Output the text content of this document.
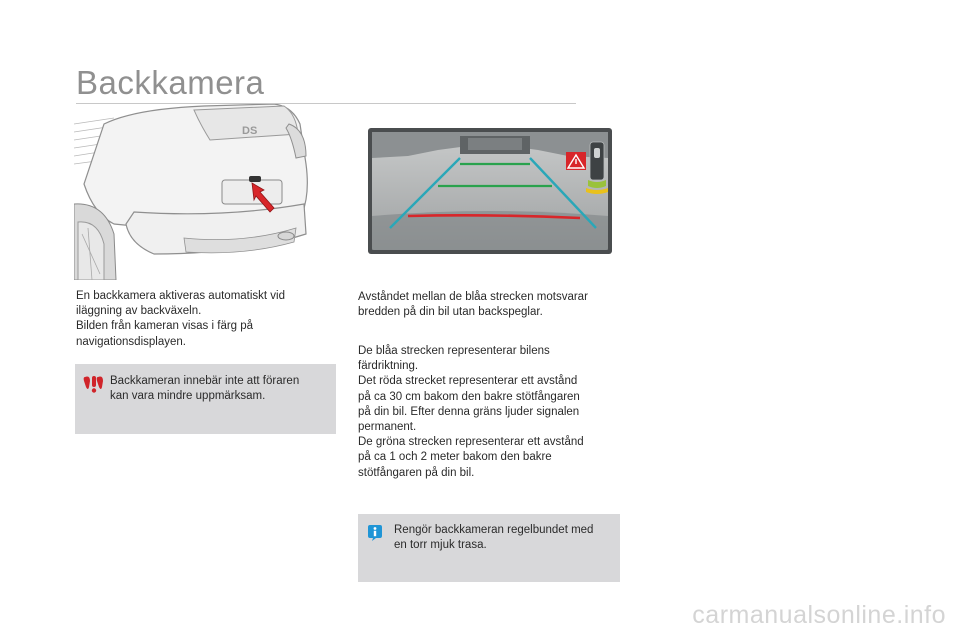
Backkamera
DS
En backkamera aktiveras automatiskt vid
iläggning av backväxeln.
Bilden från kameran visas i färg på
navigationsdisplayen.
Backkameran innebär inte att föraren
kan vara mindre uppmärksam.
Avståndet mellan de blåa strecken motsvarar
bredden på din bil utan backspeglar.
De blåa strecken representerar bilens
färdriktning.
Det röda strecket representerar ett avstånd
på ca 30 cm bakom den bakre stötfångaren
på din bil. Efter denna gräns ljuder signalen
permanent.
De gröna strecken representerar ett avstånd
på ca 1 och 2 meter bakom den bakre
stötfångaren på din bil.
Rengör backkameran regelbundet med
en torr mjuk trasa.
carmanualsonline.info
